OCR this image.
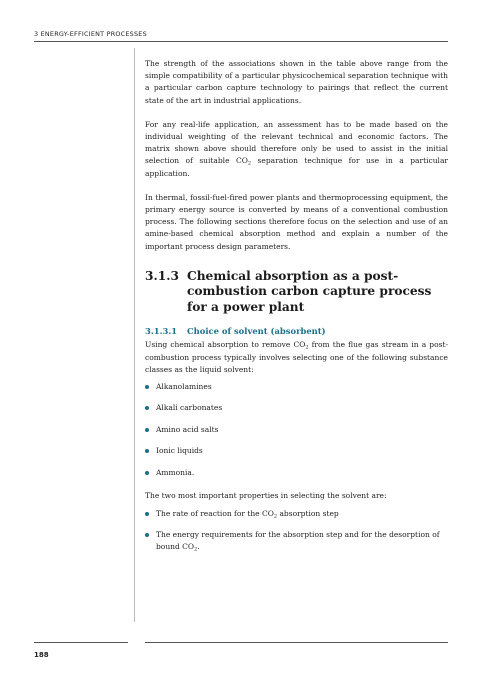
3 ENERGY-EFFICIENT PROCESSES

The strength of the associations shown in the table above range from the simple compatibility of a particular physicochemical separation technique with a particular carbon capture technology to pairings that reflect the current state of the art in industrial applications.

For any real-life application, an assessment has to be made based on the individual weighting of the relevant technical and economic factors. The matrix shown above should therefore only be used to assist in the initial selection of suitable $CO_2$ separation technique for use in a particular application.

In thermal, fossil-fuel-fired power plants and thermoprocessing equipment, the primary energy source is converted by means of a conventional combustion process. The following sections therefore focus on the selection and use of an amine-based chemical absorption method and explain a number of the important process design parameters.

3.1.3 Chemical absorption as a post-combustion carbon capture process for a power plant
3.1.3.1	Choice of solvent (absorbent)

Using chemical absorption to remove $CO_2$ from the flue gas stream in a post-combustion process typically involves selecting one of the following substance classes as the liquid solvent:

Alkanolamines
Alkali carbonates
Amino acid salts
Ionic liquids
Ammonia.

The two most important properties in selecting the solvent are:

The rate of reaction for the $CO_2$ absorption step
The energy requirements for the absorption step and for the desorption of bound $CO_2$.
188
